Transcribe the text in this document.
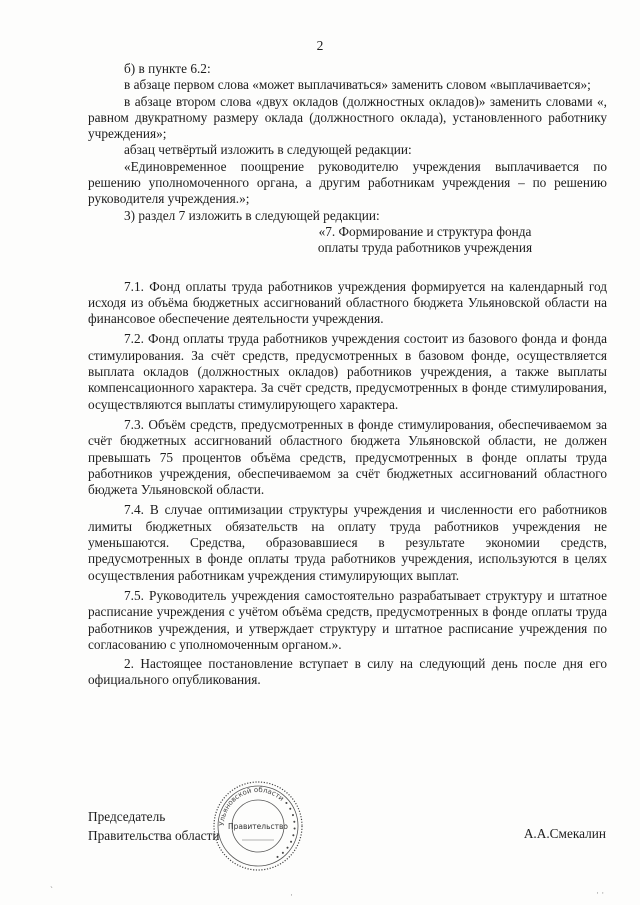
2

б) в пункте 6.2:

в абзаце первом слова «может выплачиваться» заменить словом «выплачивается»;

в абзаце втором слова «двух окладов (должностных окладов)» заменить словами «, равном двукратному размеру оклада (должностного оклада), установленного работнику учреждения»;

абзац четвёртый изложить в следующей редакции:

«Единовременное поощрение руководителю учреждения выплачивается по решению уполномоченного органа, а другим работникам учреждения – по решению руководителя учреждения.»;

3) раздел 7 изложить в следующей редакции:

«7. Формирование и структура фонда

оплаты труда работников учреждения

7.1. Фонд оплаты труда работников учреждения формируется на календарный год исходя из объёма бюджетных ассигнований областного бюджета Ульяновской области на финансовое обеспечение деятельности учреждения.

7.2. Фонд оплаты труда работников учреждения состоит из базового фонда и фонда стимулирования. За счёт средств, предусмотренных в базовом фонде, осуществляется выплата окладов (должностных окладов) работников учреждения, а также выплаты компенсационного характера. За счёт средств, предусмотренных в фонде стимулирования, осуществляются выплаты стимулирующего характера.

7.3. Объём средств, предусмотренных в фонде стимулирования, обеспечиваемом за счёт бюджетных ассигнований областного бюджета Ульяновской области, не должен превышать 75 процентов объёма средств, предусмотренных в фонде оплаты труда работников учреждения, обеспечиваемом за счёт бюджетных ассигнований областного бюджета Ульяновской области.

7.4. В случае оптимизации структуры учреждения и численности его работников лимиты бюджетных обязательств на оплату труда работников учреждения не уменьшаются. Средства, образовавшиеся в результате экономии средств, предусмотренных в фонде оплаты труда работников учреждения, используются в целях осуществления работникам учреждения стимулирующих выплат.

7.5. Руководитель учреждения самостоятельно разрабатывает структуру и штатное расписание учреждения с учётом объёма средств, предусмотренных в фонде оплаты труда работников учреждения, и утверждает структуру и штатное расписание учреждения по согласованию с уполномоченным органом.».

2. Настоящее постановление вступает в силу на следующий день после дня его официального опубликования.

Председатель
Правительства области
Ульяновской области • • • • • • • • • •
Правительство	А.А.Смекалин
ˏ
·	· ·
